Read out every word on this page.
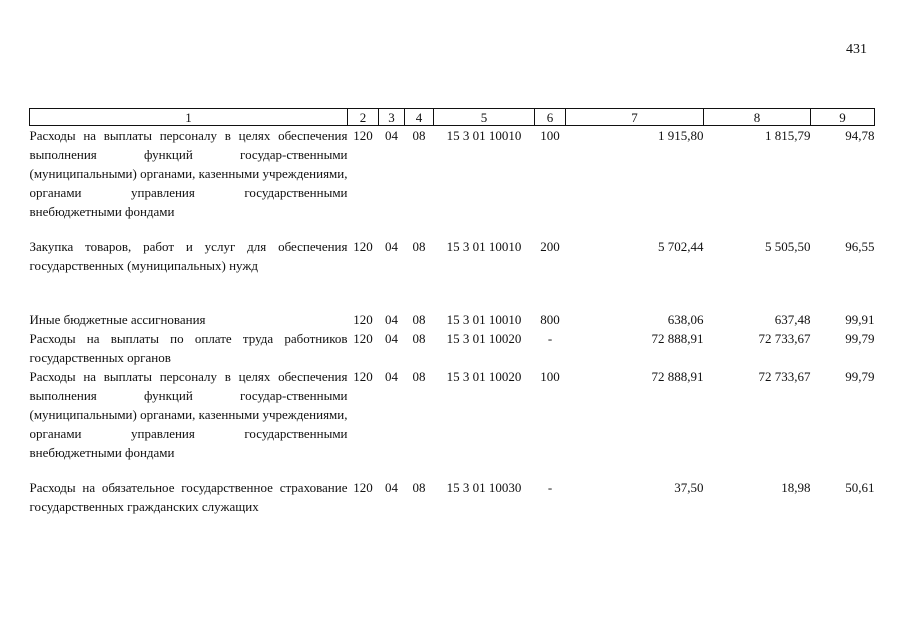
431
1	2	3	4	5	6	7	8	9
Расходы на выплаты персоналу в целях обеспечения выполнения функций государ-ственными (муниципальными) органами, казенными учреждениями, органами управления государственными внебюджетными фондами	120	04	08	15 3 01 10010	100	1 915,80	1 815,79	94,78
Закупка товаров, работ и услуг для обеспечения государственных (муниципальных) нужд	120	04	08	15 3 01 10010	200	5 702,44	5 505,50	96,55
Иные бюджетные ассигнования	120	04	08	15 3 01 10010	800	638,06	637,48	99,91
Расходы на выплаты по оплате труда работников государственных органов	120	04	08	15 3 01 10020	-	72 888,91	72 733,67	99,79
Расходы на выплаты персоналу в целях обеспечения выполнения функций государ-ственными (муниципальными) органами, казенными учреждениями, органами управления государственными внебюджетными фондами	120	04	08	15 3 01 10020	100	72 888,91	72 733,67	99,79
Расходы на обязательное государственное страхование государственных гражданских служащих	120	04	08	15 3 01 10030	-	37,50	18,98	50,61
